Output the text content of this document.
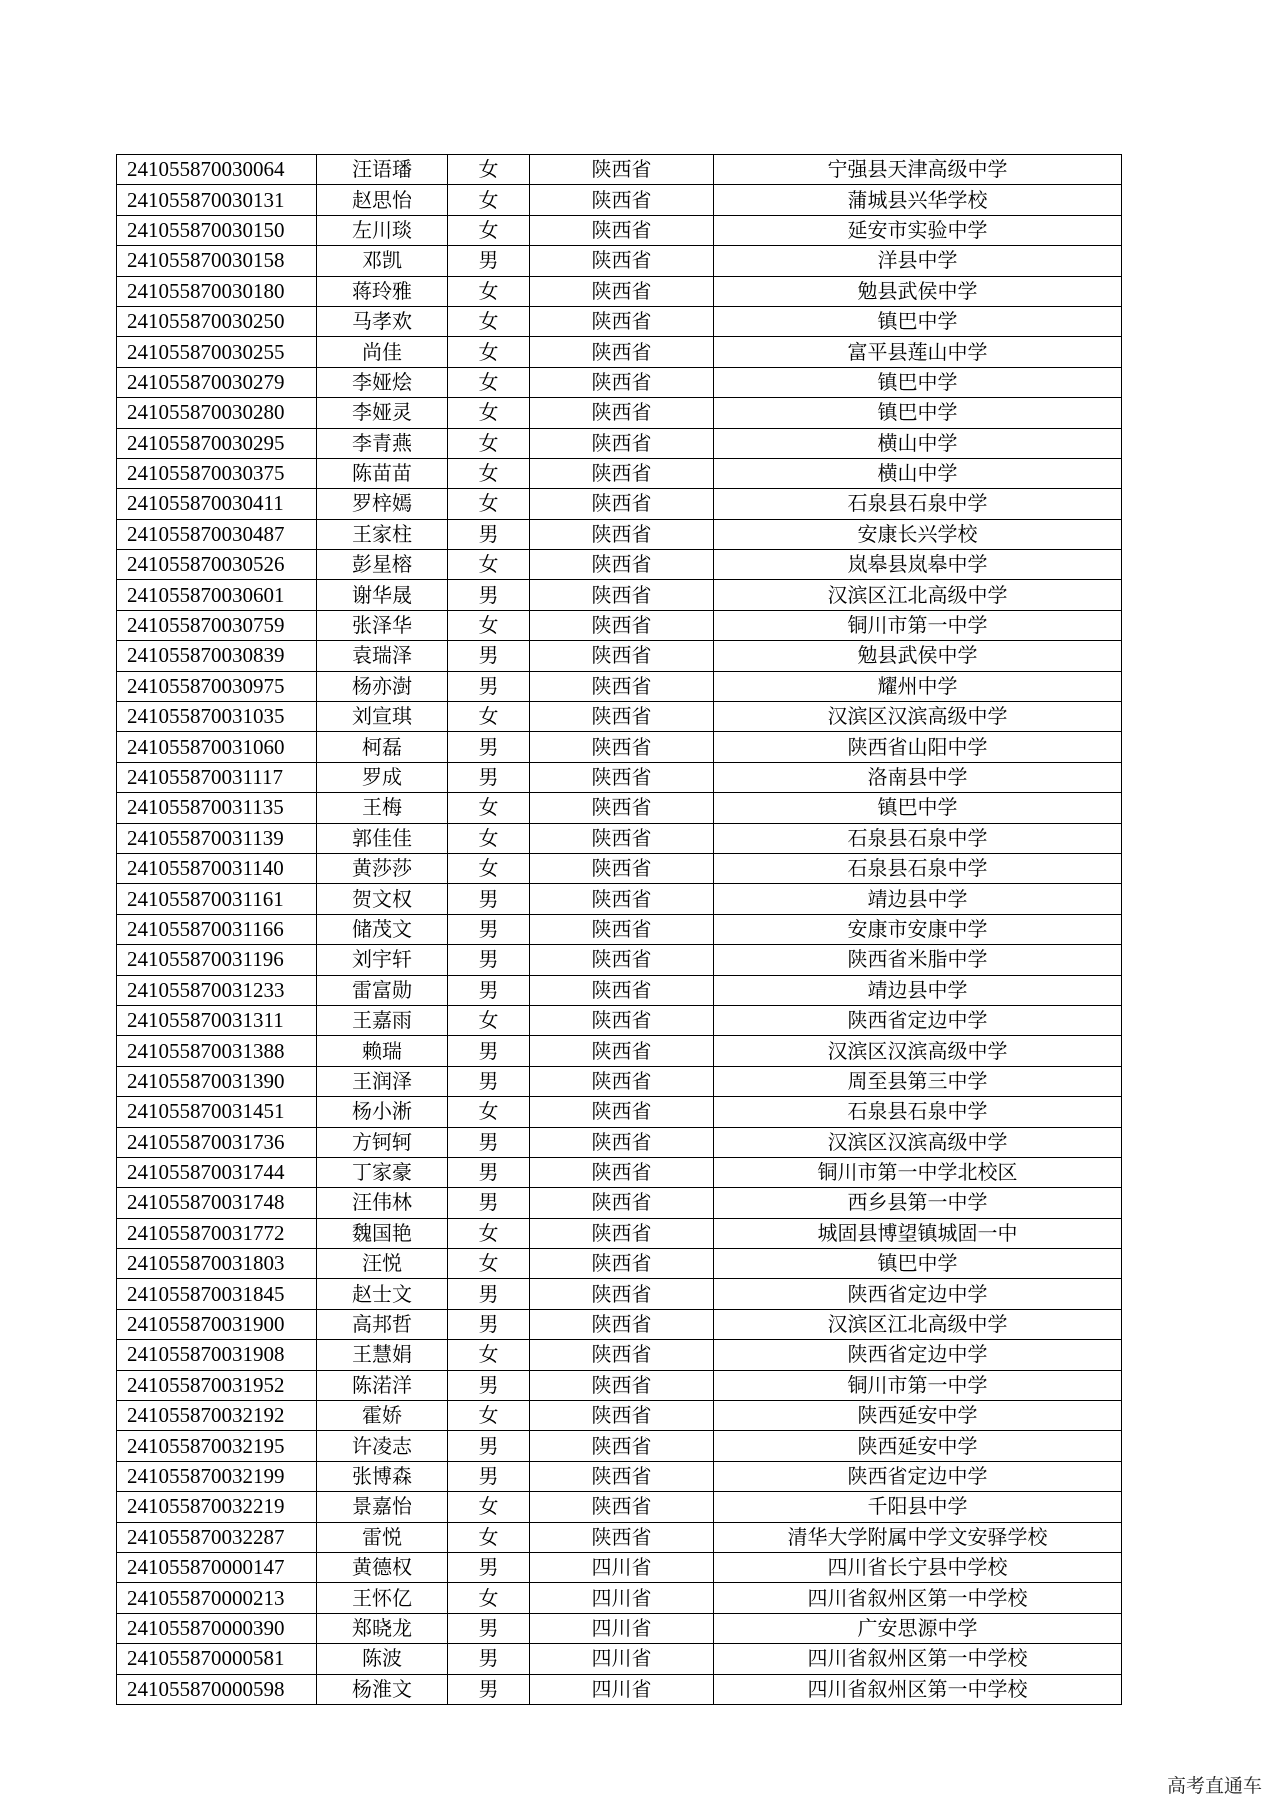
241055870030064	汪语璠	女	陕西省	宁强县天津高级中学
241055870030131	赵思怡	女	陕西省	蒲城县兴华学校
241055870030150	左川琰	女	陕西省	延安市实验中学
241055870030158	邓凯	男	陕西省	洋县中学
241055870030180	蒋玲雅	女	陕西省	勉县武侯中学
241055870030250	马孝欢	女	陕西省	镇巴中学
241055870030255	尚佳	女	陕西省	富平县莲山中学
241055870030279	李娅烩	女	陕西省	镇巴中学
241055870030280	李娅灵	女	陕西省	镇巴中学
241055870030295	李青燕	女	陕西省	横山中学
241055870030375	陈苗苗	女	陕西省	横山中学
241055870030411	罗梓嫣	女	陕西省	石泉县石泉中学
241055870030487	王家柱	男	陕西省	安康长兴学校
241055870030526	彭星榕	女	陕西省	岚皋县岚皋中学
241055870030601	谢华晟	男	陕西省	汉滨区江北高级中学
241055870030759	张泽华	女	陕西省	铜川市第一中学
241055870030839	袁瑞泽	男	陕西省	勉县武侯中学
241055870030975	杨亦澍	男	陕西省	耀州中学
241055870031035	刘宣琪	女	陕西省	汉滨区汉滨高级中学
241055870031060	柯磊	男	陕西省	陕西省山阳中学
241055870031117	罗成	男	陕西省	洛南县中学
241055870031135	王梅	女	陕西省	镇巴中学
241055870031139	郭佳佳	女	陕西省	石泉县石泉中学
241055870031140	黄莎莎	女	陕西省	石泉县石泉中学
241055870031161	贺文权	男	陕西省	靖边县中学
241055870031166	储茂文	男	陕西省	安康市安康中学
241055870031196	刘宇轩	男	陕西省	陕西省米脂中学
241055870031233	雷富勋	男	陕西省	靖边县中学
241055870031311	王嘉雨	女	陕西省	陕西省定边中学
241055870031388	赖瑞	男	陕西省	汉滨区汉滨高级中学
241055870031390	王润泽	男	陕西省	周至县第三中学
241055870031451	杨小淅	女	陕西省	石泉县石泉中学
241055870031736	方钶轲	男	陕西省	汉滨区汉滨高级中学
241055870031744	丁家豪	男	陕西省	铜川市第一中学北校区
241055870031748	汪伟林	男	陕西省	西乡县第一中学
241055870031772	魏国艳	女	陕西省	城固县博望镇城固一中
241055870031803	汪悦	女	陕西省	镇巴中学
241055870031845	赵士文	男	陕西省	陕西省定边中学
241055870031900	高邦哲	男	陕西省	汉滨区江北高级中学
241055870031908	王慧娟	女	陕西省	陕西省定边中学
241055870031952	陈渃洋	男	陕西省	铜川市第一中学
241055870032192	霍娇	女	陕西省	陕西延安中学
241055870032195	许凌志	男	陕西省	陕西延安中学
241055870032199	张博森	男	陕西省	陕西省定边中学
241055870032219	景嘉怡	女	陕西省	千阳县中学
241055870032287	雷悦	女	陕西省	清华大学附属中学文安驿学校
241055870000147	黄德权	男	四川省	四川省长宁县中学校
241055870000213	王怀亿	女	四川省	四川省叙州区第一中学校
241055870000390	郑晓龙	男	四川省	广安思源中学
241055870000581	陈波	男	四川省	四川省叙州区第一中学校
241055870000598	杨淮文	男	四川省	四川省叙州区第一中学校
高考直通车
